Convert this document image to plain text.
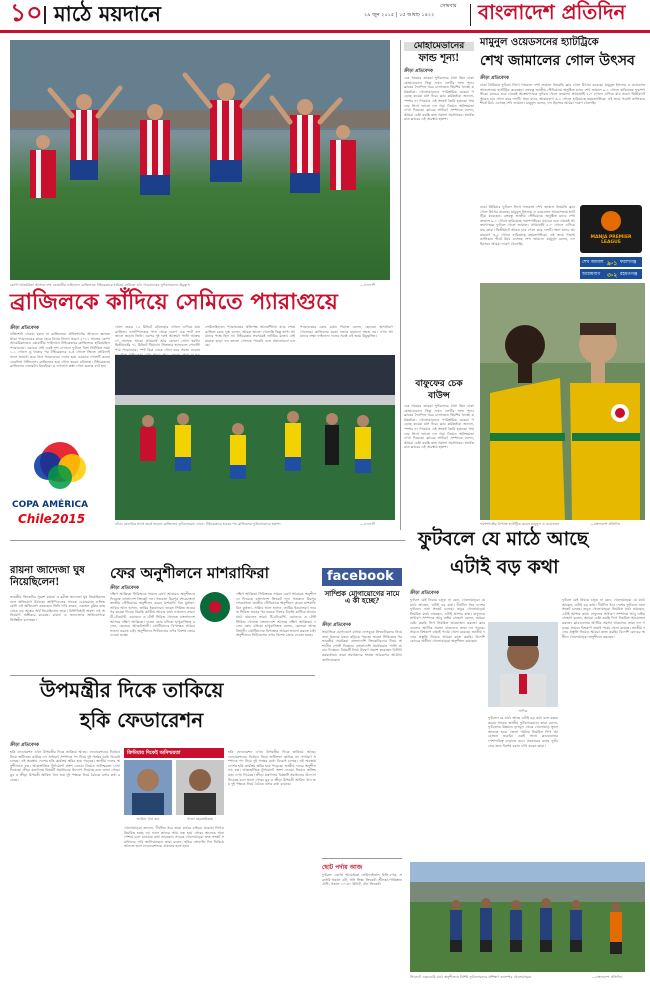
১০ মাঠে ময়দানে	২৯ জুন ২০১৫ | ১৫ আষাঢ় ১৪২২
সোমবার বাংলাদেশ প্রতিদিন
কোপা আমেরিকা আসরে শেষ কোয়ার্টার ফাইনালে ব্রাজিলকে টাইব্রেকারে হারিয়ে সেমিতে ওঠা প্যারাগুয়ের ফুটবলারদের উচ্ছ্বাস	—এএফপি
ব্রাজিলকে কাঁদিয়ে সেমিতে প্যারাগুয়ে
ক্রীড়া প্রতিবেদক
প্রতিশোধ নেওয়া হলো না ব্রাজিলের। প্রতিশোধের আগুনে জ্বলতে থাকা প্যারাগুয়ের কাছে হেরে বিদায় নিলো তারা। ২০১১ সালের কোপা আমেরিকাতেও কোয়ার্টার ফাইনালে টাইব্রেকারে ব্রাজিলকে হারিয়েছিল প্যারাগুয়ে। এবারও সেই একই দৃশ্য দেখলো ফুটবল বিশ্ব। নির্ধারিত সময় ১-১ গোলে ড্র থাকার পর টাইব্রেকারে ৪-৩ গোলে জিতে সেমিফাইনালে জায়গা করে নিল প্যারাগুয়ে। দলের হয়ে একমাত্র গোলটি করেন ডেরলিস গঞ্জালেস। ব্রাজিলের হয়ে গোল করেন রবিনহো। টাইব্রেকারে ব্রাজিলের এভারটন রিবেইরো ও ডগলাস কস্তা গোল করতে ব্যর্থ হন।
COPA AMÉRICA
Chile2015
খেলা শুরুর ১৫ মিনিটে রবিনহোর গোলে এগিয়ে যায় ব্রাজিল। ফার্নান্দিনহোর পাস থেকে দারুণ এক শটে বল জালে জড়ান তিনি। এরপর দুই দলই আক্রমণ পাল্টা আক্রমণে খেলতে থাকে। প্রথমার্ধে আর কোনো গোল হয়নি। দ্বিতীয়ার্ধের ৭১ মিনিটে থিয়াগো সিলভার হ্যান্ডবলে পেনাল্টি পায় প্যারাগুয়ে। স্পট কিক থেকে গোল করে সমতা ফেরান
সেমিফাইনালে প্যারাগুয়ের প্রতিপক্ষ আর্জেন্টিনা। ম্যাচ শেষে ব্রাজিল কোচ দুঙ্গা বলেন, আমরা ভালো খেলেছি কিন্তু ভাগ্য আমাদের পক্ষে ছিল না। টাইব্রেকার সবসময়ই লটারির মতো। নেইমারকে ছাড়া দল ভালো খেলতে পারেনি বলে সমালোচনা চলছে।
প্যারাগুয়ের কোচ রামন দিয়াজ বলেন, ছেলেরা অসাধারণ খেলেছে। ব্রাজিলের মতো দলকে হারানো সহজ নয়। এখন আমাদের লক্ষ্য ফাইনাল। দলের সবাই এই জয়ে উচ্ছ্বসিত।
বাঁয়ে: রেফারির সাথে তর্কে জড়ান ব্রাজিলের ফুটবলাররা। ডানে: টাইব্রেকারে হারের পর ব্রাজিলের ফুটবলারদের হতাশা	—এএফপি
মোহামেডানের
ফান্ড শূন্য!
ক্রীড়া প্রতিবেদক
এক সময়ের তারকা ফুটবলারে ঠাসা ছিল ঢাকা মোহামেডান। কিন্তু এখন দলটির ফান্ড শূন্য। ক্লাবের দৈনন্দিন খরচ চালাতেও হিমশিম খাচ্ছে কর্মকর্তারা। খেলোয়াড়দের পারিশ্রমিক বকেয়া পড়েছে কয়েক মাস ধরে। ক্লাব কর্মকর্তারা জানান, স্পন্সর না পাওয়ায় এই সংকট তৈরি হয়েছে। সামনের লিগে ভালো দল গড়া নিয়েও অনিশ্চয়তা দেখা দিয়েছে। ক্লাবের সাধারণ সম্পাদক বলেন, আমরা চেষ্টা করছি দ্রুত সমস্যা সমাধানের। সমর্থকরাও ক্লাবের এই অবস্থায় হতাশ।
বাফুফের চেক
বাউন্স
এক সময়ের তারকা ফুটবলারে ঠাসা ছিল ঢাকা মোহামেডান। কিন্তু এখন দলটির ফান্ড শূন্য। ক্লাবের দৈনন্দিন খরচ চালাতেও হিমশিম খাচ্ছে কর্মকর্তারা। খেলোয়াড়দের পারিশ্রমিক বকেয়া পড়েছে কয়েক মাস ধরে। ক্লাব কর্মকর্তারা জানান, স্পন্সর না পাওয়ায় এই সংকট তৈরি হয়েছে। সামনের লিগে ভালো দল গড়া নিয়েও অনিশ্চয়তা দেখা দিয়েছে। ক্লাবের সাধারণ সম্পাদক বলেন, আমরা চেষ্টা করছি দ্রুত সমস্যা সমাধানের। সমর্থকরাও ক্লাবের এই অবস্থায় হতাশ।
মামুনুল ওয়েডসনের হ্যাটট্রিকে
শেখ জামালের গোল উৎসব
ক্রীড়া প্রতিবেদক
ঢাকা প্রিমিয়ার ফুটবল লিগে গতকাল শেখ জামাল ধানমন্ডি ক্লাব গোল উৎসব করেছে। মামুনুল ইসলাম ও ওয়েডসন আনসেলমে হ্যাটট্রিক করেছেন। বঙ্গবন্ধু জাতীয় স্টেডিয়ামে অনুষ্ঠিত ম্যাচে শেখ জামাল ৯-১ গোলে হারিয়েছে ফরাশগঞ্জকে। ম্যাচের শুরু থেকেই আক্রমণাত্মক ফুটবল খেলে জামাল। প্রথমার্ধেই ৫-০ গোলে এগিয়ে যায় তারা। দ্বিতীয়ার্ধে আরও চার গোল করে দলটি। অন্য ম্যাচে আরামবাগ ৩-২ গোলে হারিয়েছে রহমতগঞ্জকে। এই জয়ে পয়েন্ট তালিকার শীর্ষে উঠে এসেছে শেখ জামাল। মামুনুল বলেন, দল হিসেবে আমরা দারুণ খেলেছি।
MANJA PREMIER LEAGUE
ঢাকা প্রিমিয়ার ফুটবল লিগে গতকাল শেখ জামাল ধানমন্ডি ক্লাব গোল উৎসব করেছে। মামুনুল ইসলাম ও ওয়েডসন আনসেলমে হ্যাটট্রিক করেছেন। বঙ্গবন্ধু জাতীয় স্টেডিয়ামে অনুষ্ঠিত ম্যাচে শেখ জামাল ৯-১ গোলে হারিয়েছে ফরাশগঞ্জকে। ম্যাচের শুরু থেকেই আক্রমণাত্মক ফুটবল খেলে জামাল। প্রথমার্ধেই ৫-০ গোলে এগিয়ে যায় তারা। দ্বিতীয়ার্ধে আরও চার গোল করে দলটি। অন্য ম্যাচে আরামবাগ ৩-২ গোলে হারিয়েছে রহমতগঞ্জকে। এই জয়ে পয়েন্ট তালিকার শীর্ষে উঠে এসেছে শেখ জামাল। মামুনুল বলেন, দল হিসেবে আমরা দারুণ খেলেছি।
শেখ জামাল ৯-১ ফরাশগঞ্জ
আরামবাগ ৩-২ রহমতগঞ্জ
ফরাশগঞ্জের বিপক্ষে হ্যাটট্রিক করেন মামুনুল ও ওয়েডসন	—বাংলাদেশ প্রতিদিন
রায়না জাদেজা ঘুষ
নিয়েছিলেন!
ভারতীয় ক্রিকেটার সুরেশ রায়না ও রবীন্দ্র জাদেজা ঘুষ নিয়েছিলেন বলে অভিযোগ উঠেছে। আইপিএলের সাবেক চেয়ারম্যান ললিত মোদি এই অভিযোগ করেছেন। তিনি দাবি করেন, একজন বুকির কাছ থেকে বড় অঙ্কের অর্থ নিয়েছিলেন তারা। বিসিসিআই অবশ্য এই অভিযোগ অস্বীকার করেছে। রায়না ও জাদেজাও অভিযোগকে ভিত্তিহীন বলেছেন।
ফের অনুশীলনে মাশরাফিরা
ক্রীড়া প্রতিবেদক
দক্ষিণ আফ্রিকা সিরিজকে সামনে রেখে আবারও অনুশীলনে ফিরেছে বাংলাদেশ ক্রিকেট দল। গতকাল মিরপুর শেরেবাংলা জাতীয় স্টেডিয়ামে অনুশীলন করেন মাশরাফি বিন মুর্তজা, সাকিব আল হাসান, তামিম ইকবালরা। ভারত সিরিজ জয়ের পর কয়েক দিনের বিরতি কাটিয়ে আবার মাঠে নামলেন তারা। টি-টোয়েন্টি, ওয়ানডে ও টেস্ট সিরিজ খেলতে বাংলাদেশে আসছে দক্ষিণ আফ্রিকা। দলের কোচ চন্ডিকা হাথুরুসিংহে বলেন, ছেলেরা আত্মবিশ্বাসী। প্রোটিয়াদের বিপক্ষেও আমরা ভালো করতে চাই। অনুশীলনে ফিটনেসের ওপর বিশেষ জোর দেওয়া হচ্ছে।
দক্ষিণ আফ্রিকা সিরিজকে সামনে রেখে আবারও অনুশীলনে ফিরেছে বাংলাদেশ ক্রিকেট দল। গতকাল মিরপুর শেরেবাংলা জাতীয় স্টেডিয়ামে অনুশীলন করেন মাশরাফি বিন মুর্তজা, সাকিব আল হাসান, তামিম ইকবালরা। ভারত সিরিজ জয়ের পর কয়েক দিনের বিরতি কাটিয়ে আবার মাঠে নামলেন তারা। টি-টোয়েন্টি, ওয়ানডে ও টেস্ট সিরিজ খেলতে বাংলাদেশে আসছে দক্ষিণ আফ্রিকা। দলের কোচ চন্ডিকা হাথুরুসিংহে বলেন, ছেলেরা আত্মবিশ্বাসী। প্রোটিয়াদের বিপক্ষেও আমরা ভালো করতে চাই। অনুশীলনে ফিটনেসের ওপর বিশেষ জোর দেওয়া হচ্ছে।
facebook
সাম্প্রিক মোগায়োগের নামে এ কী হচ্ছে?
ক্রীড়া প্রতিবেদক
সামাজিক যোগাযোগ মাধ্যম ফেসবুকে ক্রিকেটারদের নিয়ে নানা ধরনের মন্তব্য ছড়িয়ে পড়ছে। ভারত সিরিজের পর ভারতীয় সমর্থকরা বাংলাদেশি ক্রিকেটারদের নিয়ে অশালীন পোস্ট দিচ্ছেন। বাংলাদেশি সমর্থকরাও পাল্টা জবাব দিচ্ছেন। বিষয়টি নিয়ে উদ্বেগ প্রকাশ করেছেন বিসিবি কর্মকর্তারা। তারা সমর্থকদের সংযত আচরণের আহ্বান জানিয়েছেন।
ছোট পর্দায় আজ
ফুটবল: কোপা আমেরিকা সেমিফাইনাল চিলি-পেরু, সরাসরি সকাল ৫টা, সনি সিক্স। ক্রিকেট: শ্রীলঙ্কা-পাকিস্তান টেস্ট, সকাল ১০-৩০ মিনিট, টেন ক্রিকেট।
উপমন্ত্রীর দিকে তাকিয়ে
হকি ফেডারেশন
ক্রীড়া প্রতিবেদক
হকি ফেডারেশন এখন উপমন্ত্রীর দিকে তাকিয়ে আছে। ফেডারেশনের নির্বাচন নিয়ে জটিলতা কাটছে না। সাধারণ সম্পাদক পদ নিয়ে দুই পক্ষের মধ্যে বিরোধ চলছে। এই অবস্থায় দেশের হকি কার্যক্রম স্থবির হয়ে পড়েছে। জাতীয় দলের অনুশীলনও বন্ধ। আন্তর্জাতিক টুর্নামেন্টে অংশ নেওয়া নিয়েও অনিশ্চয়তা দেখা দিয়েছে। ক্রীড়া মন্ত্রণালয় বিষয়টি সমাধানের উদ্যোগ নিয়েছে বলে জানা গেছে। যুব ও ক্রীড়া উপমন্ত্রী আরিফ খান জয় দুই পক্ষকে নিয়ে বৈঠকে বসার কথা রয়েছে।
ক্রিমিয়ার দিকেই অনিশ্চয়তা
আরিফ খান জয়	খাজা রহমতউল্লাহ
খেলোয়াড়রা জানান, দীর্ঘদিন ধরে তারা মাঠের বাইরে। ঘরোয়া লিগও নিয়মিত হচ্ছে না। ফলে তাদের আয় বন্ধ হয়ে গেছে। অনেকে অন্য পেশায় চলে যাওয়ার কথা ভাবছেন। সাবেক খেলোয়াড়রা দ্রুত সংকট সমাধানের দাবি জানিয়েছেন। তারা বলেন, হকির সোনালি দিন ফিরিয়ে আনতে হলে ফেডারেশনকে ঐক্যবদ্ধ হতে হবে।
হকি ফেডারেশন এখন উপমন্ত্রীর দিকে তাকিয়ে আছে। ফেডারেশনের নির্বাচন নিয়ে জটিলতা কাটছে না। সাধারণ সম্পাদক পদ নিয়ে দুই পক্ষের মধ্যে বিরোধ চলছে। এই অবস্থায় দেশের হকি কার্যক্রম স্থবির হয়ে পড়েছে। জাতীয় দলের অনুশীলনও বন্ধ। আন্তর্জাতিক টুর্নামেন্টে অংশ নেওয়া নিয়েও অনিশ্চয়তা দেখা দিয়েছে। ক্রীড়া মন্ত্রণালয় বিষয়টি সমাধানের উদ্যোগ নিয়েছে বলে জানা গেছে। যুব ও ক্রীড়া উপমন্ত্রী আরিফ খান জয় দুই পক্ষকে নিয়ে বৈঠকে বসার কথা রয়েছে।
ফুটবলে যে মাঠে আছে
এটাই বড় কথা
ক্রীড়া প্রতিবেদক
ফুটবল যেই নিয়মে চলুক না কেন, খেলোয়াড়রা যে মাঠে আছেন, এটাই বড় কথা। দীর্ঘদিন ধরে দেশের ফুটবলে নানা সংকট চলছে। তবুও খেলোয়াড়রা নিয়মিত মাঠে নামছেন, এটাই আশার কথা। বাফুফের সাধারণ সম্পাদক আবু নাঈম সোহাগ বলেন, আমরা চেষ্টা করছি লিগ নিয়মিত আয়োজন করতে। ক্লাবগুলোর আর্থিক সমস্যা থাকলেও তারা দল গড়ছে। সামনে বিশ্বকাপ বাছাই পর্বের খেলা রয়েছে। জাতীয় দলের প্রস্তুতি নিয়েও আমরা কাজ করছি। বিদেশি কোচের অধীনে খেলোয়াড়রা অনুশীলন করছেন।
সাদিক
ফুটবলে যে মাঠে আছে এটাই বড় কথা বলে মন্তব্য করেন সাবেক জাতীয় ফুটবলাররাও। তারা বলেন, ফুটবলের উন্নয়নে তৃণমূল থেকে খেলোয়াড় তুলে আনতে হবে। জেলা পর্যায়ে নিয়মিত লিগ আয়োজন জরুরি। একই সাথে ক্লাবগুলোর পেশাদারিত্ব বাড়াতে হবে। সরকারের কাছে ফুটবলের জন্য বিশেষ বরাদ্দ দাবি করেন তারা।
ফুটবল যেই নিয়মে চলুক না কেন, খেলোয়াড়রা যে মাঠে আছেন, এটাই বড় কথা। দীর্ঘদিন ধরে দেশের ফুটবলে নানা সংকট চলছে। তবুও খেলোয়াড়রা নিয়মিত মাঠে নামছেন, এটাই আশার কথা। বাফুফের সাধারণ সম্পাদক আবু নাঈম সোহাগ বলেন, আমরা চেষ্টা করছি লিগ নিয়মিত আয়োজন করতে। ক্লাবগুলোর আর্থিক সমস্যা থাকলেও তারা দল গড়ছে। সামনে বিশ্বকাপ বাছাই পর্বের খেলা রয়েছে। জাতীয় দলের প্রস্তুতি নিয়েও আমরা কাজ করছি। বিদেশি কোচের অধীনে খেলোয়াড়রা অনুশীলন করছেন।
সিলেটে একাডেমি মাঠে অনুশীলনে বিশিষ্ট ফুটবলারদের প্রশিক্ষণ ক্যাম্পের খেলোয়াড়রা	—বাংলাদেশ প্রতিদিন
